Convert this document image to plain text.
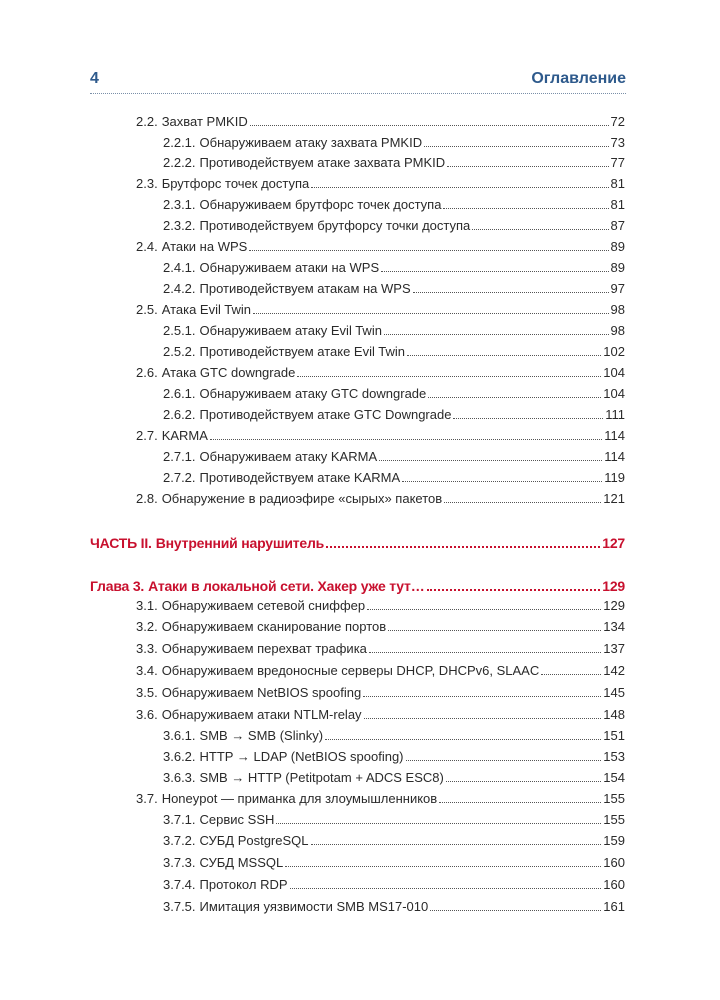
4	Оглавление
2.2. Захват PMKID	72
2.2.1. Обнаруживаем атаку захвата PMKID	73
2.2.2. Противодействуем атаке захвата PMKID	77
2.3. Брутфорс точек доступа	81
2.3.1. Обнаруживаем брутфорс точек доступа	81
2.3.2. Противодействуем брутфорсу точки доступа	87
2.4. Атаки на WPS	89
2.4.1. Обнаруживаем атаки на WPS	89
2.4.2. Противодействуем атакам на WPS	97
2.5. Атака Evil Twin	98
2.5.1. Обнаруживаем атаку Evil Twin	98
2.5.2. Противодействуем атаке Evil Twin	102
2.6. Атака GTC downgrade	104
2.6.1. Обнаруживаем атаку GTC downgrade	104
2.6.2. Противодействуем атаке GTC Downgrade	111
2.7. KARMA	114
2.7.1. Обнаруживаем атаку KARMA	114
2.7.2. Противодействуем атаке KARMA	119
2.8. Обнаружение в радиоэфире «сырых» пакетов	121
ЧАСТЬ II. Внутренний нарушитель	127
Глава 3. Атаки в локальной сети. Хакер уже тут…	129
3.1. Обнаруживаем сетевой сниффер	129
3.2. Обнаруживаем сканирование портов	134
3.3. Обнаруживаем перехват трафика	137
3.4. Обнаруживаем вредоносные серверы DHCP, DHCPv6, SLAAC	142
3.5. Обнаруживаем NetBIOS spoofing	145
3.6. Обнаруживаем атаки NTLM-relay	148
3.6.1. SMB → SMB (Slinky)	151
3.6.2. HTTP → LDAP (NetBIOS spoofing)	153
3.6.3. SMB → HTTP (Petitpotam + ADCS ESC8)	154
3.7. Honeypot — приманка для злоумышленников	155
3.7.1. Сервис SSH	155
3.7.2. СУБД PostgreSQL	159
3.7.3. СУБД MSSQL	160
3.7.4. Протокол RDP	160
3.7.5. Имитация уязвимости SMB MS17-010	161
